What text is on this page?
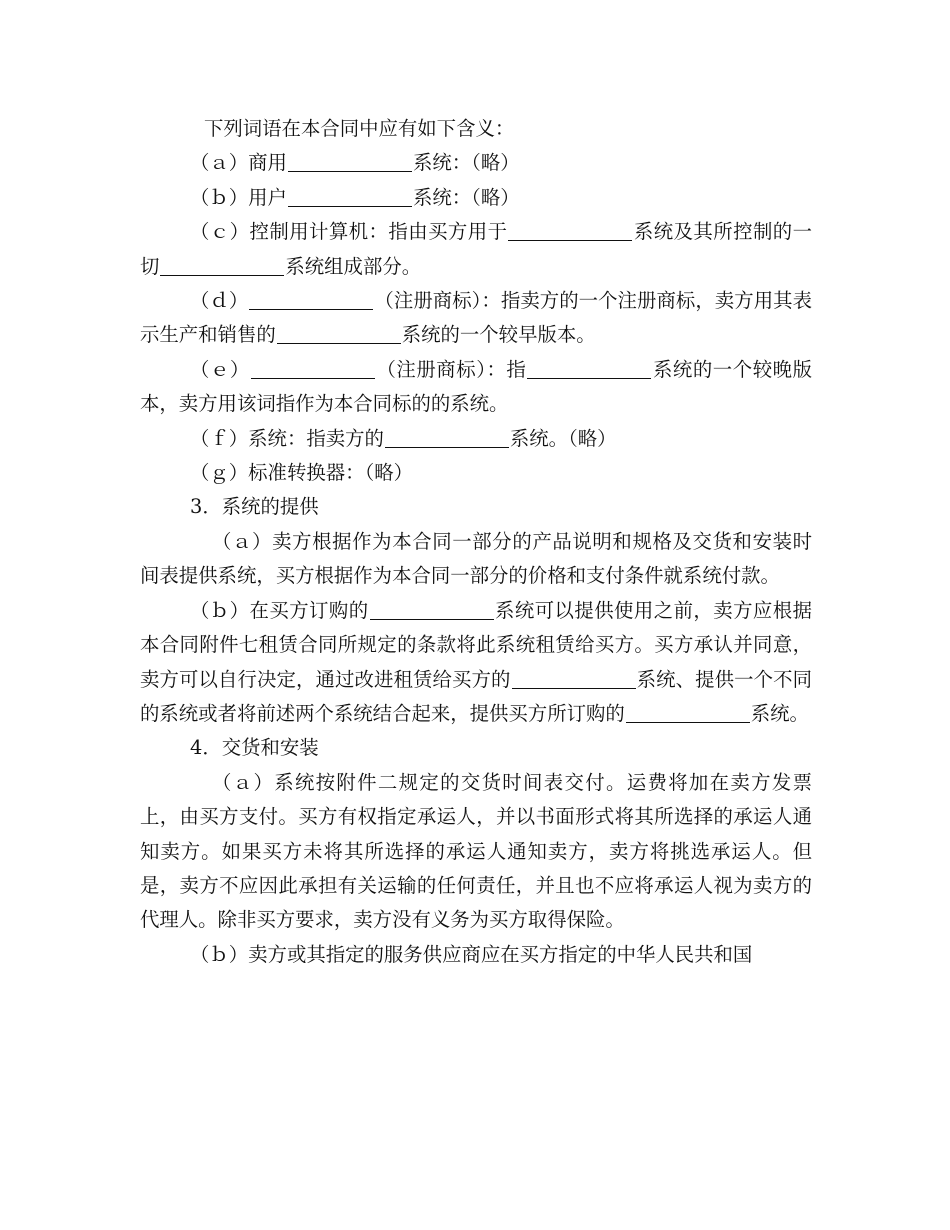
下列词语在本合同中应有如下含义：

（ａ）商用	系统：（略）

（ｂ）用户	系统：（略）

（ｃ）控制用计算机：指由买方用于	系统及其所控制的一切	系统组成部分。

（ｄ）	（注册商标）：指卖方的一个注册商标，卖方用其表示生产和销售的	系统的一个较早版本。

（ｅ）	（注册商标）：指	系统的一个较晚版本，卖方用该词指作为本合同标的的系统。

（ｆ）系统：指卖方的	系统。（略）

（ｇ）标准转换器：（略）

3．系统的提供

（ａ）卖方根据作为本合同一部分的产品说明和规格及交货和安装时间表提供系统，买方根据作为本合同一部分的价格和支付条件就系统付款。

（ｂ）在买方订购的	系统可以提供使用之前，卖方应根据本合同附件七租赁合同所规定的条款将此系统租赁给买方。买方承认并同意，卖方可以自行决定，通过改进租赁给买方的	系统、提供一个不同的系统或者将前述两个系统结合起来，提供买方所订购的	系统。

4．交货和安装

（ａ）系统按附件二规定的交货时间表交付。运费将加在卖方发票上，由买方支付。买方有权指定承运人，并以书面形式将其所选择的承运人通知卖方。如果买方未将其所选择的承运人通知卖方，卖方将挑选承运人。但是，卖方不应因此承担有关运输的任何责任，并且也不应将承运人视为卖方的代理人。除非买方要求，卖方没有义务为买方取得保险。

（ｂ）卖方或其指定的服务供应商应在买方指定的中华人民共和国
